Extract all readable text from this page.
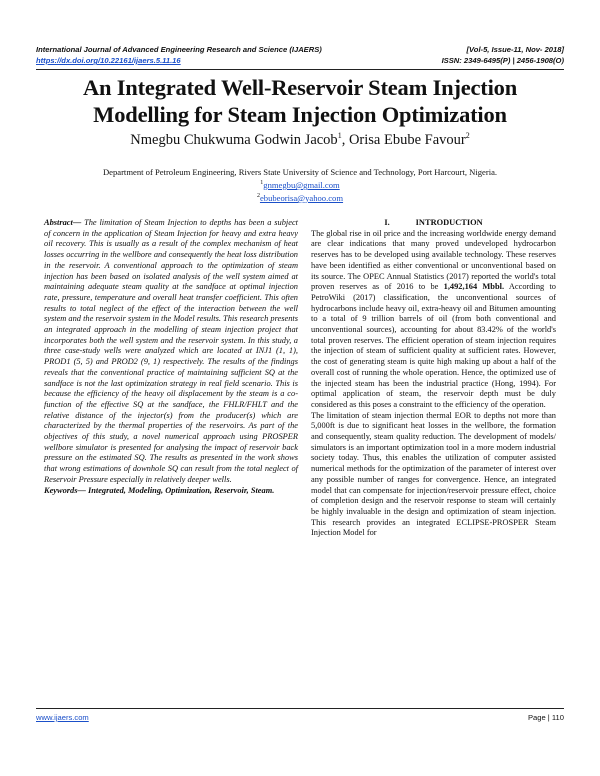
International Journal of Advanced Engineering Research and Science (IJAERS)	[Vol-5, Issue-11, Nov- 2018]
https://dx.doi.org/10.22161/ijaers.5.11.16	ISSN: 2349-6495(P) | 2456-1908(O)
An Integrated Well-Reservoir Steam Injection
Modelling for Steam Injection Optimization
Nmegbu Chukwuma Godwin Jacob$^1$, Orisa Ebube Favour$^2$
Department of Petroleum Engineering, Rivers State University of Science and Technology, Port Harcourt, Nigeria.
$^1$gnmegbu@gmail.com
$^2$ebubeorisa@yahoo.com

Abstract— The limitation of Steam Injection to depths has been a subject of concern in the application of Steam Injection for heavy and extra heavy oil recovery. This is usually as a result of the complex mechanism of heat losses occurring in the wellbore and consequently the heat loss distribution in the reservoir. A conventional approach to the optimization of steam injection has been based on isolated analysis of the well system aimed at maintaining adequate steam quality at the sandface at optimal injection rate, pressure, temperature and overall heat transfer coefficient. This often results to total neglect of the effect of the interaction between the well system and the reservoir system in the Model results. This research presents an integrated approach in the modelling of steam injection project that incorporates both the well system and the reservoir system. In this study, a three case-study wells were analyzed which are located at INJ1 (1, 1), PROD1 (5, 5) and PROD2 (9, 1) respectively. The results of the findings reveals that the conventional practice of maintaining sufficient SQ at the sandface is not the last optimization strategy in real field scenario. This is because the efficiency of the heavy oil displacement by the steam is a co-function of the effective SQ at the sandface, the FHLR/FHLT and the relative distance of the injector(s) from the producer(s) which are characterized by the thermal properties of the reservoirs. As part of the objectives of this study, a novel numerical approach using PROSPER wellbore simulator is presented for analysing the impact of reservoir back pressure on the estimated SQ. The results as presented in the work shows that wrong estimations of downhole SQ can result from the total neglect of Reservoir Pressure especially in relatively deeper wells.

Keywords— Integrated, Modeling, Optimization, Reservoir, Steam.

I.	INTRODUCTION

The global rise in oil price and the increasing worldwide energy demand are clear indications that many proved undeveloped hydrocarbon reserves has to be developed using available technology. These reserves have been identified as either conventional or unconventional based on its source. The OPEC Annual Statistics (2017) reported the world's total proven reserves as of 2016 to be 1,492,164 Mbbl. According to PetroWiki (2017) classification, the unconventional sources of hydrocarbons include heavy oil, extra-heavy oil and Bitumen amounting to a total of 9 trillion barrels of oil (from both conventional and unconventional sources), accounting for about 83.42% of the world's total proven reserves. The efficient operation of steam injection requires the injection of steam of sufficient quality at sufficient rates. However, the cost of generating steam is quite high making up about a half of the overall cost of running the whole operation. Hence, the optimized use of the injected steam has been the industrial practice (Hong, 1994). For optimal application of steam, the reservoir depth must be duly considered as this poses a constraint to the efficiency of the operation.

The limitation of steam injection thermal EOR to depths not more than 5,000ft is due to significant heat losses in the wellbore, the formation and consequently, steam quality reduction. The development of models/ simulators is an important optimization tool in a more modern industrial society today. Thus, this enables the utilization of computer assisted numerical methods for the optimization of the parameter of interest over any possible number of ranges for convergence. Hence, an integrated model that can compensate for injection/reservoir pressure effect, choice of completion design and the reservoir response to steam will certainly be highly invaluable in the design and optimization of steam injection. This research provides an integrated ECLIPSE-PROSPER Steam Injection Model for

www.ijaers.com	Page | 110
